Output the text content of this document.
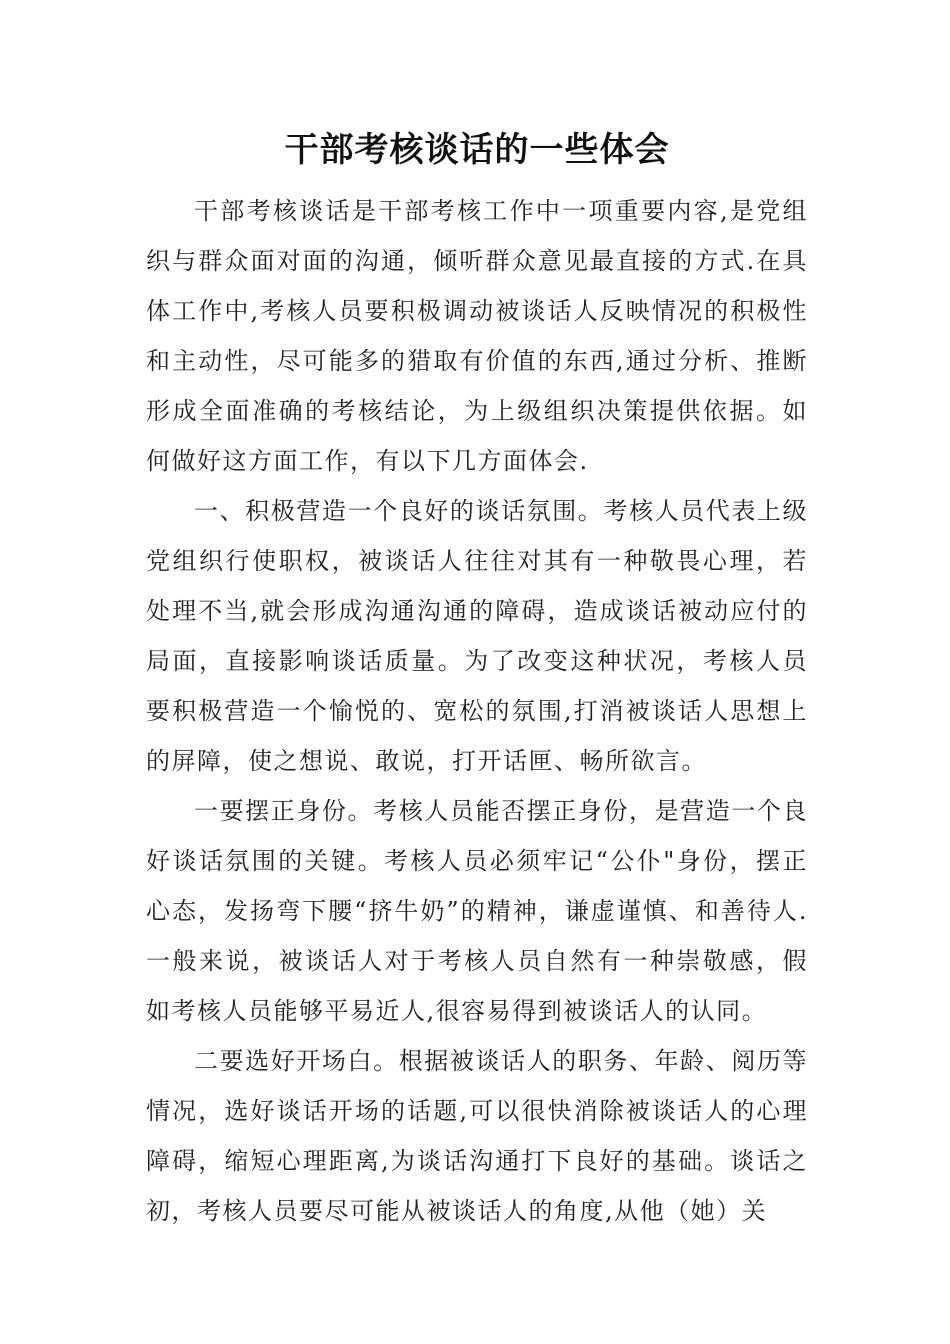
干部考核谈话的一些体会

干部考核谈话是干部考核工作中一项重要内容,是党组织与群众面对面的沟通，倾听群众意见最直接的方式.在具体工作中,考核人员要积极调动被谈话人反映情况的积极性和主动性，尽可能多的猎取有价值的东西,通过分析、推断形成全面准确的考核结论，为上级组织决策提供依据。如何做好这方面工作，有以下几方面体会.

一、积极营造一个良好的谈话氛围。考核人员代表上级党组织行使职权，被谈话人往往对其有一种敬畏心理，若处理不当,就会形成沟通沟通的障碍，造成谈话被动应付的局面，直接影响谈话质量。为了改变这种状况，考核人员要积极营造一个愉悦的、宽松的氛围,打消被谈话人思想上的屏障，使之想说、敢说，打开话匣、畅所欲言。

一要摆正身份。考核人员能否摆正身份，是营造一个良好谈话氛围的关键。考核人员必须牢记“公仆"身份，摆正心态，发扬弯下腰“挤牛奶”的精神，谦虚谨慎、和善待人.一般来说，被谈话人对于考核人员自然有一种崇敬感，假如考核人员能够平易近人,很容易得到被谈话人的认同。

二要选好开场白。根据被谈话人的职务、年龄、阅历等情况，选好谈话开场的话题,可以很快消除被谈话人的心理障碍，缩短心理距离,为谈话沟通打下良好的基础。谈话之初，考核人员要尽可能从被谈话人的角度,从他（她）关
